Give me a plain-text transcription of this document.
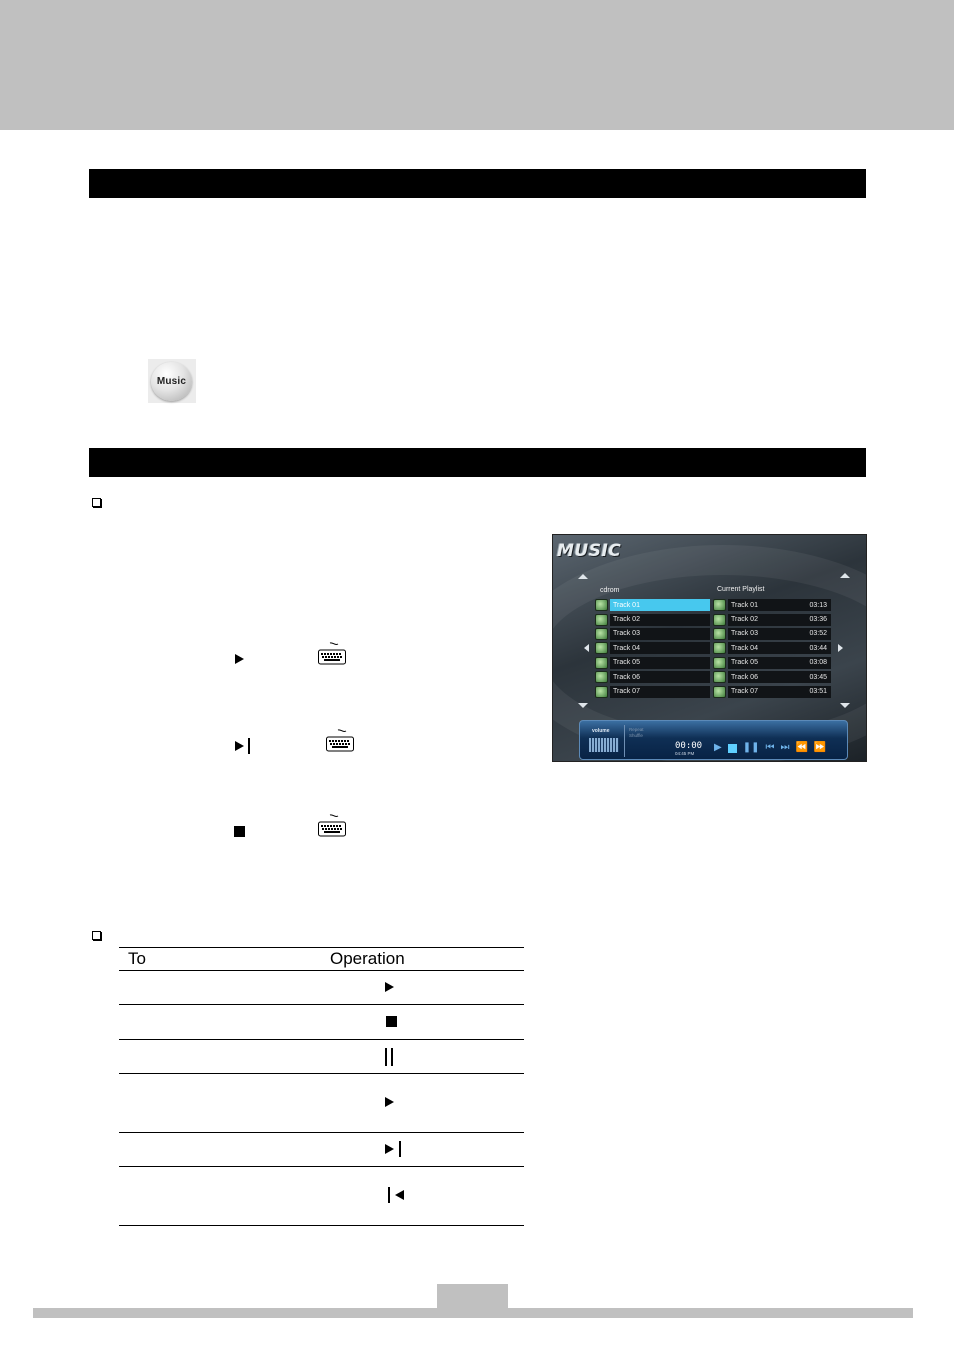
Music
MUSIC
cdrom	Current Playlist
Track 01
Track 02
Track 03
Track 04
Track 05
Track 06
Track 07
Track 01	03:13
Track 02	03:36
Track 03	03:52
Track 04	03:44
Track 05	03:08
Track 06	03:45
Track 07	03:51
volume	Repeat
Shuffle
00:00
04:45 PM
▶ ❚❚ ⏮ ⏭ ⏪ ⏩
To	Operation
